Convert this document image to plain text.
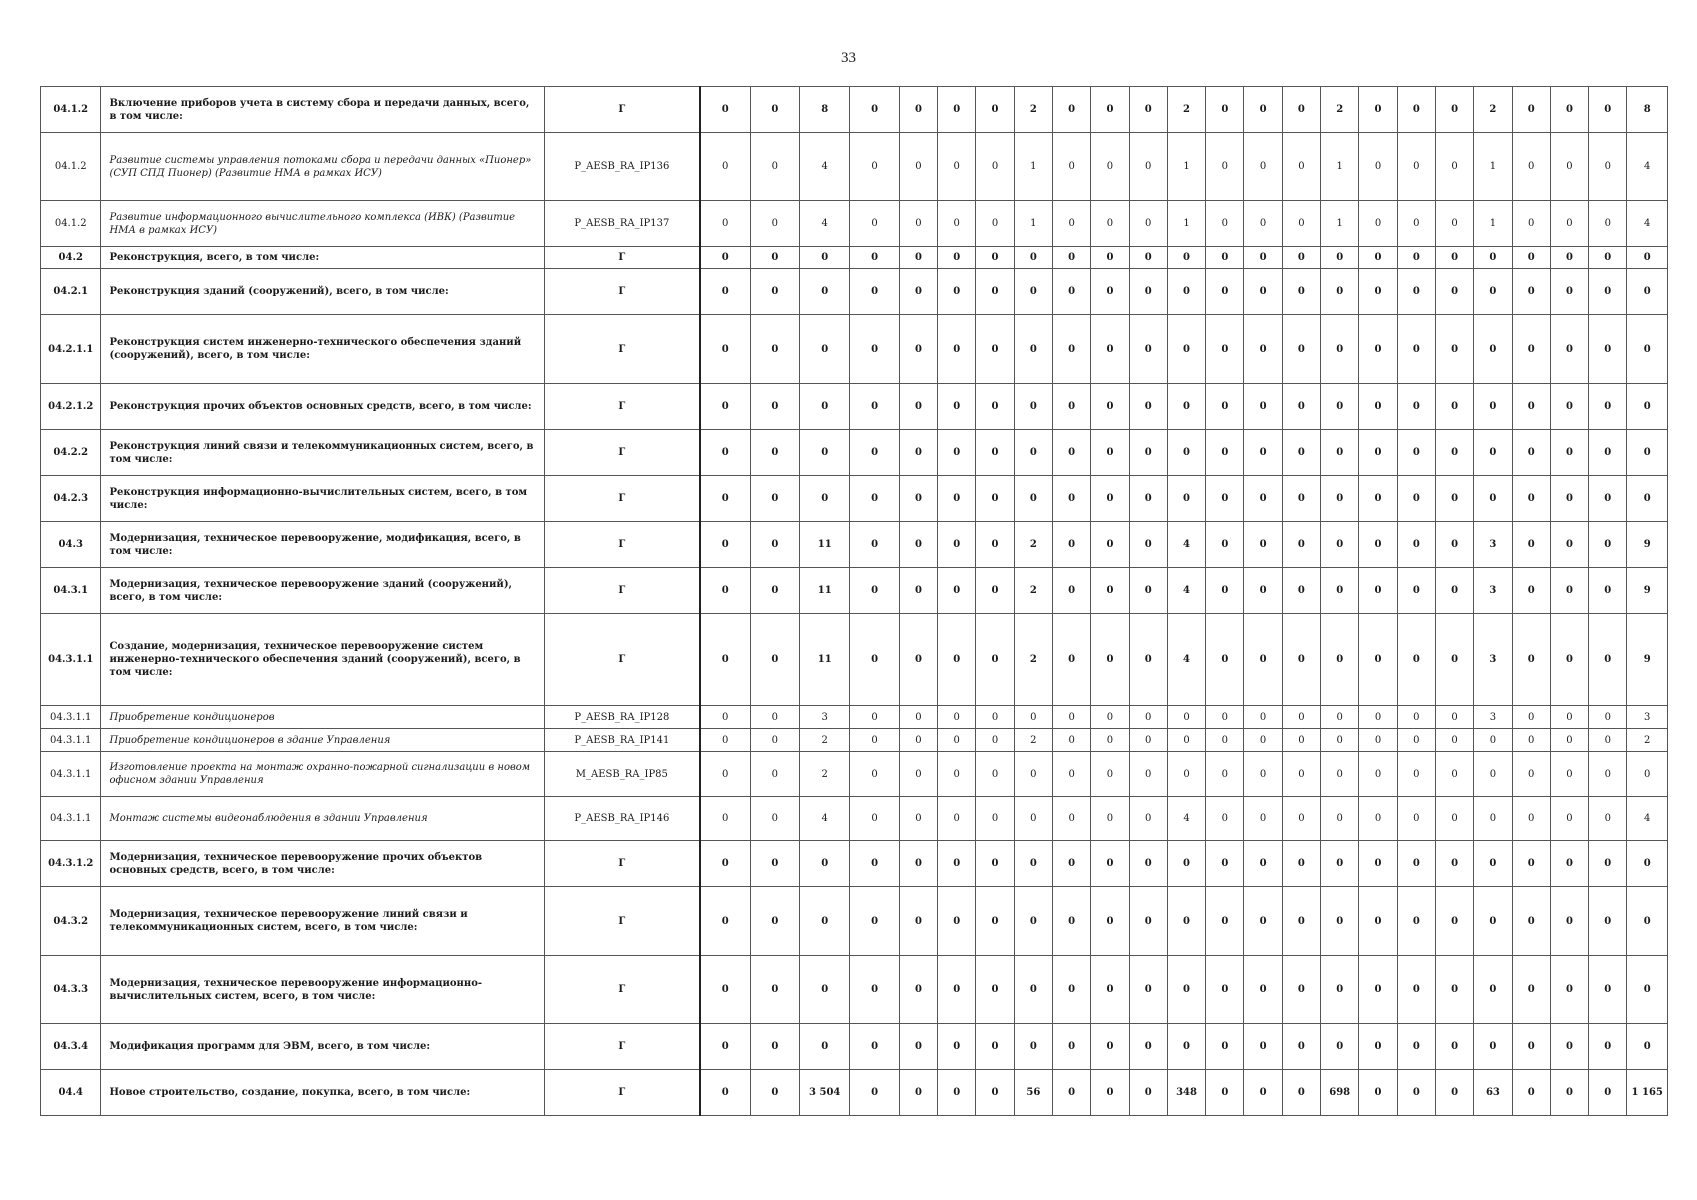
33
04.1.2	Включение приборов учета в систему сбора и передачи данных, всего, в том числе:	Г	0	0	8	0	0	0	0	2	0	0	0	2	0	0	0	2	0	0	0	2	0	0	0	8
04.1.2	Развитие системы управления потоками сбора и передачи данных «Пионер» (СУП СПД Пионер) (Развитие НМА в рамках ИСУ)	P_AESB_RA_IP136	0	0	4	0	0	0	0	1	0	0	0	1	0	0	0	1	0	0	0	1	0	0	0	4
04.1.2	Развитие информационного вычислительного комплекса (ИВК) (Развитие НМА в рамках ИСУ)	P_AESB_RA_IP137	0	0	4	0	0	0	0	1	0	0	0	1	0	0	0	1	0	0	0	1	0	0	0	4
04.2	Реконструкция, всего, в том числе:	Г	0	0	0	0	0	0	0	0	0	0	0	0	0	0	0	0	0	0	0	0	0	0	0	0
04.2.1	Реконструкция зданий (сооружений), всего, в том числе:	Г	0	0	0	0	0	0	0	0	0	0	0	0	0	0	0	0	0	0	0	0	0	0	0	0
04.2.1.1	Реконструкция систем инженерно-технического обеспечения зданий (сооружений), всего, в том числе:	Г	0	0	0	0	0	0	0	0	0	0	0	0	0	0	0	0	0	0	0	0	0	0	0	0
04.2.1.2	Реконструкция прочих объектов основных средств, всего, в том числе:	Г	0	0	0	0	0	0	0	0	0	0	0	0	0	0	0	0	0	0	0	0	0	0	0	0
04.2.2	Реконструкция линий связи и телекоммуникационных систем, всего, в том числе:	Г	0	0	0	0	0	0	0	0	0	0	0	0	0	0	0	0	0	0	0	0	0	0	0	0
04.2.3	Реконструкция информационно-вычислительных систем, всего, в том числе:	Г	0	0	0	0	0	0	0	0	0	0	0	0	0	0	0	0	0	0	0	0	0	0	0	0
04.3	Модернизация, техническое перевооружение, модификация, всего, в том числе:	Г	0	0	11	0	0	0	0	2	0	0	0	4	0	0	0	0	0	0	0	3	0	0	0	9
04.3.1	Модернизация, техническое перевооружение зданий (сооружений), всего, в том числе:	Г	0	0	11	0	0	0	0	2	0	0	0	4	0	0	0	0	0	0	0	3	0	0	0	9
04.3.1.1	Создание, модернизация, техническое перевооружение систем инженерно-технического обеспечения зданий (сооружений), всего, в том числе:	Г	0	0	11	0	0	0	0	2	0	0	0	4	0	0	0	0	0	0	0	3	0	0	0	9
04.3.1.1	Приобретение кондиционеров	P_AESB_RA_IP128	0	0	3	0	0	0	0	0	0	0	0	0	0	0	0	0	0	0	0	3	0	0	0	3
04.3.1.1	Приобретение кондиционеров в здание Управления	P_AESB_RA_IP141	0	0	2	0	0	0	0	2	0	0	0	0	0	0	0	0	0	0	0	0	0	0	0	2
04.3.1.1	Изготовление проекта на монтаж охранно-пожарной сигнализации в новом офисном здании Управления	M_AESB_RA_IP85	0	0	2	0	0	0	0	0	0	0	0	0	0	0	0	0	0	0	0	0	0	0	0	0
04.3.1.1	Монтаж системы видеонаблюдения в здании Управления	P_AESB_RA_IP146	0	0	4	0	0	0	0	0	0	0	0	4	0	0	0	0	0	0	0	0	0	0	0	4
04.3.1.2	Модернизация, техническое перевооружение прочих объектов основных средств, всего, в том числе:	Г	0	0	0	0	0	0	0	0	0	0	0	0	0	0	0	0	0	0	0	0	0	0	0	0
04.3.2	Модернизация, техническое перевооружение линий связи и телекоммуникационных систем, всего, в том числе:	Г	0	0	0	0	0	0	0	0	0	0	0	0	0	0	0	0	0	0	0	0	0	0	0	0
04.3.3	Модернизация, техническое перевооружение информационно-вычислительных систем, всего, в том числе:	Г	0	0	0	0	0	0	0	0	0	0	0	0	0	0	0	0	0	0	0	0	0	0	0	0
04.3.4	Модификация программ для ЭВМ, всего, в том числе:	Г	0	0	0	0	0	0	0	0	0	0	0	0	0	0	0	0	0	0	0	0	0	0	0	0
04.4	Новое строительство, создание, покупка, всего, в том числе:	Г	0	0	3 504	0	0	0	0	56	0	0	0	348	0	0	0	698	0	0	0	63	0	0	0	1 165
